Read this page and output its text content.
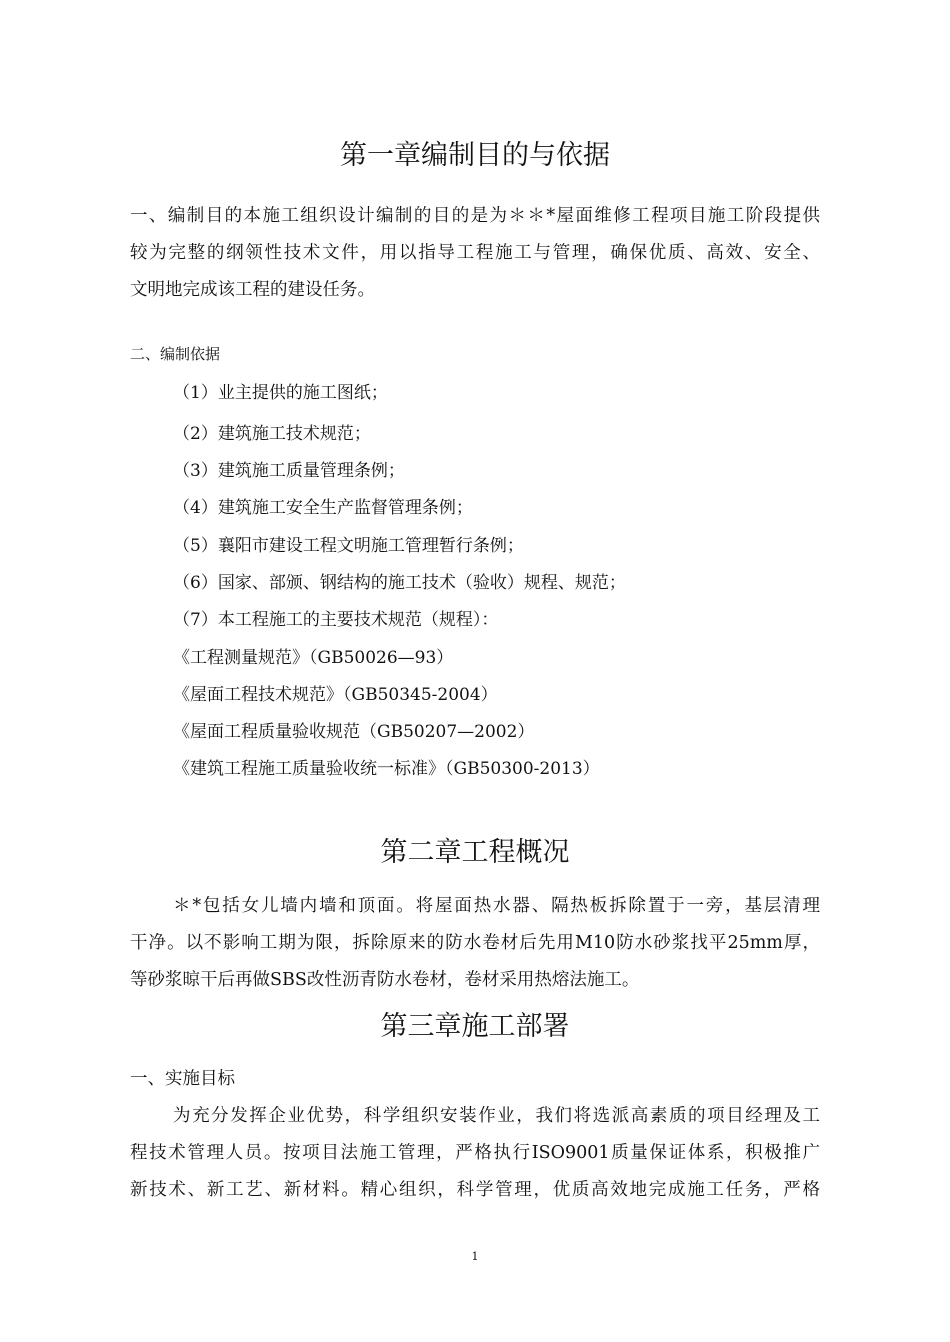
第一章编制目的与依据
一、编制目的本施工组织设计编制的目的是为＊＊*屋面维修工程项目施工阶段提供
较为完整的纲领性技术文件，用以指导工程施工与管理，确保优质、高效、安全、
文明地完成该工程的建设任务。
二、编制依据
（1）业主提供的施工图纸；
（2）建筑施工技术规范；
（3）建筑施工质量管理条例；
（4）建筑施工安全生产监督管理条例；
（5）襄阳市建设工程文明施工管理暂行条例；
（6）国家、部颁、钢结构的施工技术（验收）规程、规范；
（7）本工程施工的主要技术规范（规程）：
《工程测量规范》（GB50026—93）
《屋面工程技术规范》（GB50345-2004）
《屋面工程质量验收规范（GB50207—2002）
《建筑工程施工质量验收统一标准》（GB50300-2013）
第二章工程概况
＊*包括女儿墙内墙和顶面。将屋面热水器、隔热板拆除置于一旁，基层清理
干净。以不影响工期为限，拆除原来的防水卷材后先用M10防水砂浆找平25mm厚，
等砂浆晾干后再做SBS改性沥青防水卷材，卷材采用热熔法施工。
第三章施工部署
一、实施目标
为充分发挥企业优势，科学组织安装作业，我们将选派高素质的项目经理及工
程技术管理人员。按项目法施工管理，严格执行ISO9001质量保证体系，积极推广
新技术、新工艺、新材料。精心组织，科学管理，优质高效地完成施工任务，严格
1
